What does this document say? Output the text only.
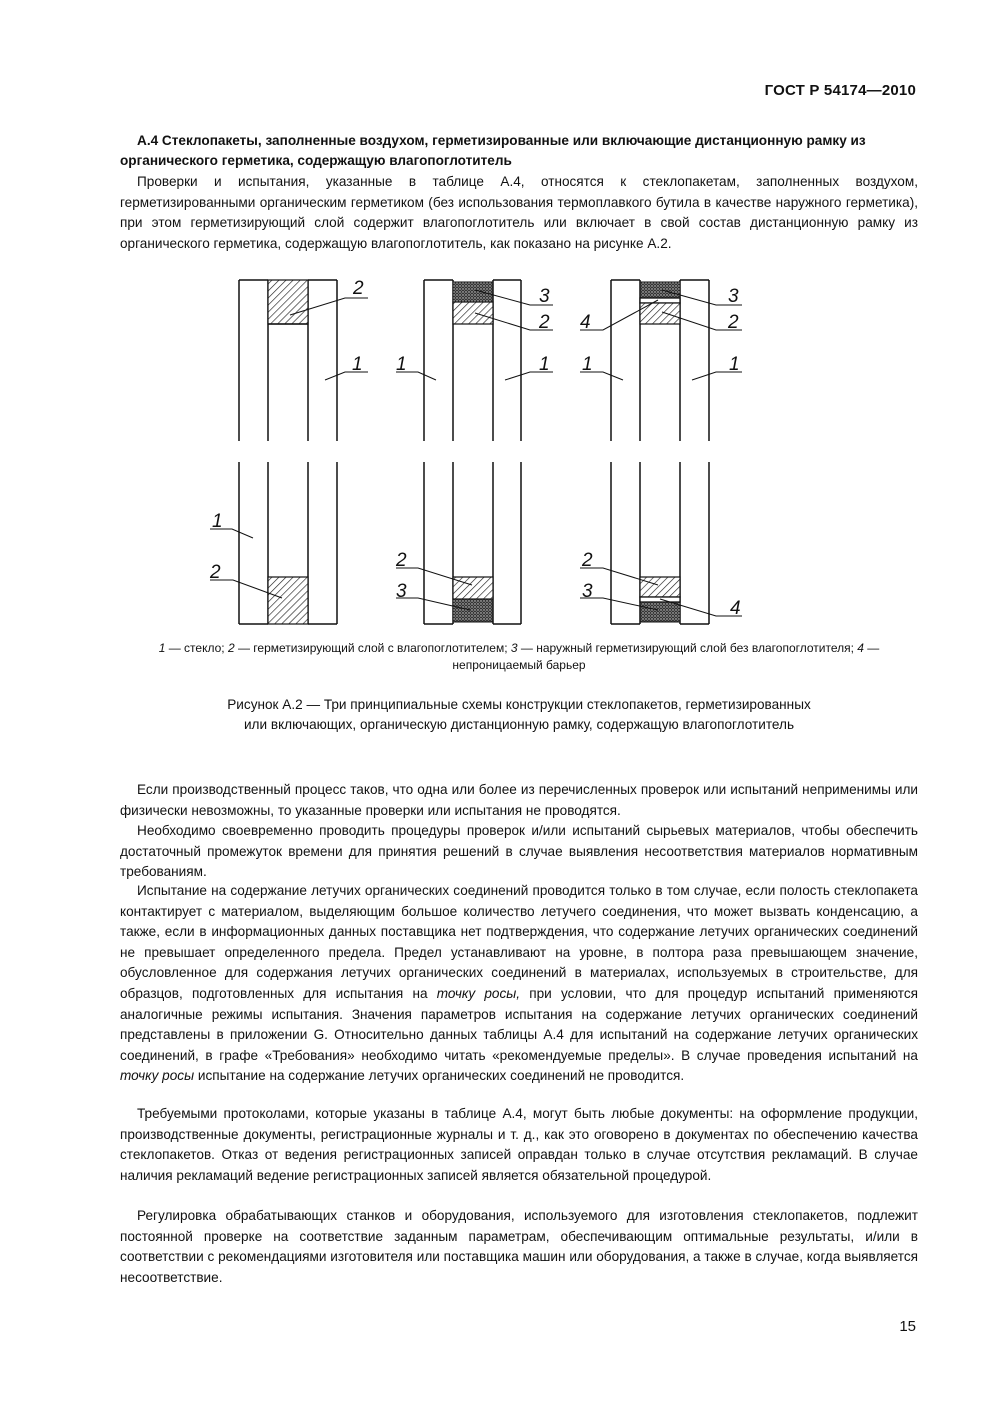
ГОСТ Р 54174—2010
А.4 Стеклопакеты, заполненные воздухом, герметизированные или включающие дистанционную рамку из органического герметика, содержащую влагопоглотитель

Проверки и испытания, указанные в таблице А.4, относятся к стеклопакетам, заполненных воздухом, герметизированными органическим герметиком (без использования термоплавкого бутила в качестве наружного герметика), при этом герметизирующий слой содержит влагопоглотитель или включает в свой состав дистанционную рамку из органического герметика, содержащую влагопоглотитель, как показано на рисунке А.2.

2
1
3
2
1	1
3
2
4
1	1
1
2
2
3
2
3
4
1 — стекло; 2 — герметизирующий слой с влагопоглотителем; 3 — наружный герметизирующий слой без влагопоглотителя; 4 — непроницаемый барьер
Рисунок А.2 — Три принципиальные схемы конструкции стеклопакетов, герметизированных
или включающих, органическую дистанционную рамку, содержащую влагопоглотитель

Если производственный процесс таков, что одна или более из перечисленных проверок или испытаний неприменимы или физически невозможны, то указанные проверки или испытания не проводятся.

Необходимо своевременно проводить процедуры проверок и/или испытаний сырьевых материалов, чтобы обеспечить достаточный промежуток времени для принятия решений в случае выявления несоответствия материалов нормативным требованиям.

Испытание на содержание летучих органических соединений проводится только в том случае, если полость стеклопакета контактирует с материалом, выделяющим большое количество летучего соединения, что может вызвать конденсацию, а также, если в информационных данных поставщика нет подтверждения, что содержание летучих органических соединений не превышает определенного предела. Предел устанавливают на уровне, в полтора раза превышающем значение, обусловленное для содержания летучих органических соединений в материалах, используемых в строительстве, для образцов, подготовленных для испытания на точку росы, при условии, что для процедур испытаний применяются аналогичные режимы испытания. Значения параметров испытания на содержание летучих органических соединений представлены в приложении G. Относительно данных таблицы А.4 для испытаний на содержание летучих органических соединений, в графе «Требования» необходимо читать «рекомендуемые пределы». В случае проведения испытаний на точку росы испытание на содержание летучих органических соединений не проводится.

Требуемыми протоколами, которые указаны в таблице А.4, могут быть любые документы: на оформление продукции, производственные документы, регистрационные журналы и т. д., как это оговорено в документах по обеспечению качества стеклопакетов. Отказ от ведения регистрационных записей оправдан только в случае отсутствия рекламаций. В случае наличия рекламаций ведение регистрационных записей является обязательной процедурой.

Регулировка обрабатывающих станков и оборудования, используемого для изготовления стеклопакетов, подлежит постоянной проверке на соответствие заданным параметрам, обеспечивающим оптимальные результаты, и/или в соответствии с рекомендациями изготовителя или поставщика машин или оборудования, а также в случае, когда выявляется несоответствие.

15
